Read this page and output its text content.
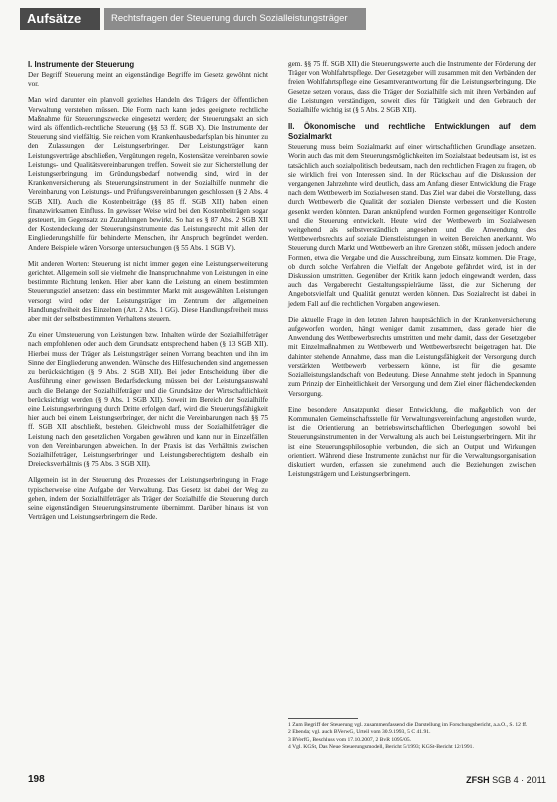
Aufsätze	Rechtsfragen der Steuerung durch Sozialleistungsträger
I. Instrumente der Steuerung

Der Begriff Steuerung meint an eigenständige Begriffe im Gesetz gewöhnt nicht vor.

Man wird darunter ein planvoll gezieltes Handeln des Trägers der öffentlichen Verwaltung verstehen müssen. Die Form nach kann jedes geeignete rechtliche Maßnahme für Steuerungszwecke eingesetzt werden; der Steuerungsakt an sich wird als öffentlich-rechtliche Steuerung (§§ 53 ff. SGB X). Die Instrumente der Steuerung sind vielfältig. Sie reichen vom Krankenhausbedarfsplan bis hinunter zu den Zulassungen der Leistungserbringer. Der Leistungsträger kann Leistungsverträge abschließen, Vergütungen regeln, Kostensätze vereinbaren sowie Leistungs- und Qualitätsvereinbarungen treffen. Soweit sie zur Sicherstellung der Leistungserbringung im Gründungsbedarf notwendig sind, wird in der Krankenversicherung als Steuerungsinstrument in der Sozialhilfe nunmehr die Vereinbarung von Leistungs- und Prüfungsvereinbarungen geschlossen (§ 2 Abs. 4 SGB XII). Auch die Kostenbeiträge (§§ 85 ff. SGB XII) haben einen finanzwirksamen Einfluss. In gewisser Weise wird bei den Kostenbeiträgen sogar gesteuert, im Gegensatz zu Zuzahlungen bewirkt. So hat es § 87 Abs. 2 SGB XII der Kostendeckung der Steuerungsinstrumente das Leistungsrecht mit allen der Eingliederungshilfe für behinderte Menschen, ihr Anspruch begründet werden. Andere Beispiele wären Vorsorge untersuchungen (§ 55 Abs. 1 SGB V).

Mit anderen Worten: Steuerung ist nicht immer gegen eine Leistungserweiterung gerichtet. Allgemein soll sie vielmehr die Inanspruchnahme von Leistungen in eine bestimmte Richtung lenken. Hier aber kann die Leistung an einem bestimmten Steuerungsziel ansetzen: dass ein bestimmter Markt mit ausgewählten Leistungen versorgt wird oder der Leistungsträger im Zentrum der allgemeinen Handlungsfreiheit des Einzelnen (Art. 2 Abs. 1 GG). Diese Handlungsfreiheit muss aber mit der selbstbestimmten Verhaltens steuern.

Zu einer Umsteuerung von Leistungen bzw. Inhalten würde der Sozialhilfeträger nach empfohlenen oder auch dem Grundsatz entsprechend haben (§ 13 SGB XII). Hierbei muss der Träger als Leistungsträger seinen Vorrang beachten und ihn im Sinne der Eingliederung anwenden. Wünsche des Hilfesuchenden sind angemessen zu berücksichtigen (§ 9 Abs. 2 SGB XII). Bei jeder Entscheidung über die Ausführung einer gewissen Bedarfsdeckung müssen bei der Leistungsauswahl auch die Belange der Sozialhilfeträger und die Grundsätze der Wirtschaftlichkeit berücksichtigt werden (§ 9 Abs. 1 SGB XII). Soweit im Bereich der Sozialhilfe eine Leistungserbringung durch Dritte erfolgen darf, wird die Steuerungsfähigkeit hier auch bei einem Leistungserbringer, der nicht die Vereinbarungen nach §§ 75 ff. SGB XII abschließt, bestehen. Gleichwohl muss der Sozialhilfeträger die Leistung nach den gesetzlichen Vorgaben gewähren und kann nur in Einzelfällen von den Vereinbarungen abweichen. In der Praxis ist das Verhältnis zwischen Sozialhilfeträger, Leistungserbringer und Leistungsberechtigtem deshalb ein Dreiecksverhältnis (§ 75 Abs. 3 SGB XII).

Allgemein ist in der Steuerung des Prozesses der Leistungserbringung in Frage typischerweise eine Aufgabe der Verwaltung. Das Gesetz ist dabei der Weg zu gehen, indem der Sozialhilfeträger als Träger der Sozialhilfe die Steuerung durch seine eigenständigen Steuerungsinstrumente übernimmt. Darüber hinaus ist von Verträgen und Leistungserbringern die Rede.

gem. §§ 75 ff. SGB XII) die Steuerungswerte auch die Instrumente der Förderung der Träger von Wohlfahrtspflege. Der Gesetzgeber will zusammen mit den Verbänden der freien Wohlfahrtspflege eine Gesamtverantwortung für die Leistungserbringung. Die Gesetze setzen voraus, dass die Träger der Sozialhilfe sich mit ihren Verbänden auf die Leistungen verständigen, soweit dies für Tätigkeit und den Gebrauch der Sozialhilfe wichtig ist (§ 5 Abs. 2 SGB XII).

II. Ökonomische und rechtliche Entwicklungen auf dem Sozialmarkt

Steuerung muss beim Sozialmarkt auf einer wirtschaftlichen Grundlage ansetzen. Worin auch das mit dem Steuerungsmöglichkeiten im Sozialstaat bedeutsam ist, ist es tatsächlich auch sozialpolitisch bedeutsam, nach den rechtlichen Fragen zu fragen, ob sie wirklich frei von Interessen sind. In der Rückschau auf die Diskussion der vergangenen Jahrzehnte wird deutlich, dass am Anfang dieser Entwicklung die Frage nach dem Wettbewerb im Sozialwesen stand. Das Ziel war dabei die Vorstellung, dass durch Wettbewerb die Qualität der sozialen Dienste verbessert und die Kosten gesenkt werden könnten. Daran anknüpfend wurden Formen gegenseitiger Kontrolle und die Steuerung entwickelt. Heute wird der Wettbewerb im Sozialwesen weitgehend als selbstverständlich angesehen und die Anwendung des Wettbewerbsrechts auf soziale Dienstleistungen in weiten Bereichen anerkannt. Wo Steuerung durch Markt und Wettbewerb an ihre Grenzen stößt, müssen jedoch andere Formen, etwa die Vergabe und die Ausschreibung, zum Einsatz kommen. Die Frage, ob durch solche Verfahren die Vielfalt der Angebote gefährdet wird, ist in der Diskussion umstritten. Gegenüber der Kritik kann jedoch eingewandt werden, dass auch das Vergaberecht Gestaltungsspielräume lässt, die zur Sicherung der Angebotsvielfalt und Qualität genutzt werden können. Das Sozialrecht ist dabei in jedem Fall auf die rechtlichen Vorgaben angewiesen.

Die aktuelle Frage in den letzten Jahren hauptsächlich in der Krankenversicherung aufgeworfen worden, hängt weniger damit zusammen, dass gerade hier die Anwendung des Wettbewerbsrechts umstritten und mehr damit, dass der Gesetzgeber mit Einzelmaßnahmen zu Wettbewerb und Wettbewerbsrecht beigetragen hat. Die dahinter stehende Annahme, dass man die Leistungsfähigkeit der Versorgung durch verstärkten Wettbewerb verbessern könne, ist für die gesamte Sozialleistungslandschaft von Bedeutung. Diese Annahme steht jedoch in Spannung zum Prinzip der Einheitlichkeit der Versorgung und dem Ziel einer flächendeckenden Versorgung.

Eine besondere Ansatzpunkt dieser Entwicklung, die maßgeblich von der Kommunalen Gemeinschaftsstelle für Verwaltungsvereinfachung angestoßen wurde, ist die Orientierung an betriebswirtschaftlichen Überlegungen sowohl bei Steuerungsinstrumenten in der Verwaltung als auch bei Leistungserbringern. Mit ihr ist eine Steuerungsphilosophie verbunden, die sich an Output und Wirkungen orientiert. Während diese Instrumente zunächst nur für die Verwaltungsorganisation diskutiert wurden, erfassen sie zunehmend auch die Beziehungen zwischen Leistungsträgern und Leistungserbringern.

1 Zum Begriff der Steuerung vgl. zusammenfassend die Darstellung im Forschungsbericht, a.a.O., S. 12 ff.
2 Ebenda; vgl. auch BVerwG, Urteil vom 30.9.1993, 5 C 41.91.
3 BVerfG, Beschluss vom 17.10.2007, 2 BvR 1095/05.
4 Vgl. KGSt, Das Neue Steuerungsmodell, Bericht 5/1993; KGSt-Bericht 12/1991.
198	ZFSH SGB 4 · 2011
